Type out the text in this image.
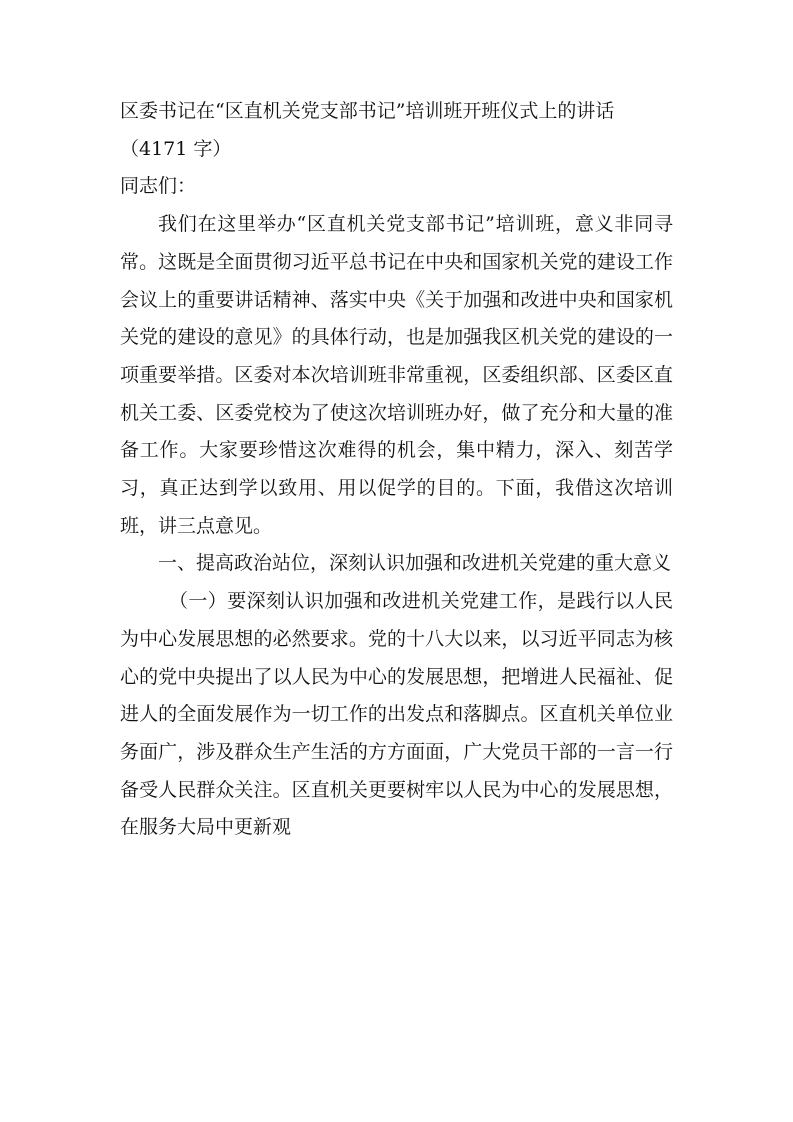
区委书记在“区直机关党支部书记”培训班开班仪式上的讲话
（4171 字）

同志们：

我们在这里举办“区直机关党支部书记”培训班，意义非同寻常。这既是全面贯彻习近平总书记在中央和国家机关党的建设工作会议上的重要讲话精神、落实中央《关于加强和改进中央和国家机关党的建设的意见》的具体行动，也是加强我区机关党的建设的一项重要举措。区委对本次培训班非常重视，区委组织部、区委区直机关工委、区委党校为了使这次培训班办好，做了充分和大量的准备工作。大家要珍惜这次难得的机会，集中精力，深入、刻苦学习，真正达到学以致用、用以促学的目的。下面，我借这次培训班，讲三点意见。

一、提高政治站位，深刻认识加强和改进机关党建的重大意义

（一）要深刻认识加强和改进机关党建工作，是践行以人民为中心发展思想的必然要求。党的十八大以来，以习近平同志为核心的党中央提出了以人民为中心的发展思想，把增进人民福祉、促进人的全面发展作为一切工作的出发点和落脚点。区直机关单位业务面广，涉及群众生产生活的方方面面，广大党员干部的一言一行备受人民群众关注。区直机关更要树牢以人民为中心的发展思想，在服务大局中更新观
